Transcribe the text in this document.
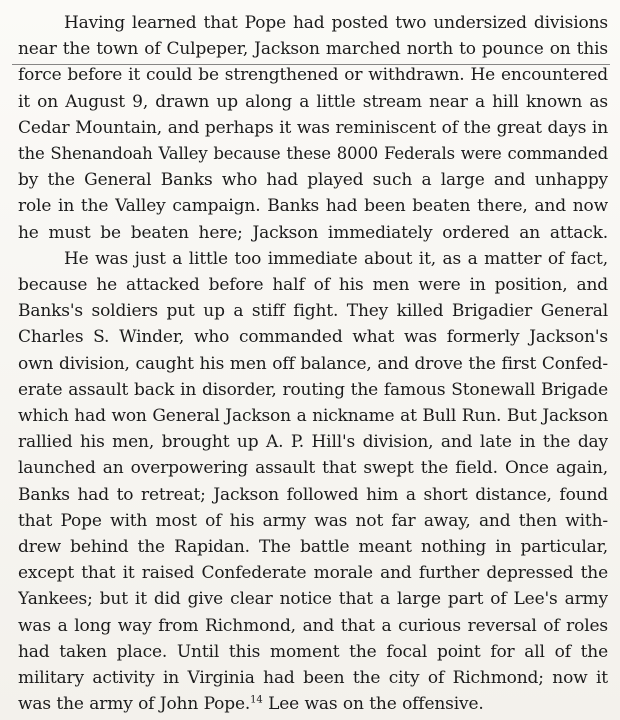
Having learned that Pope had posted two undersized divisions

near the town of Culpeper, Jackson marched north to pounce on this

force before it could be strengthened or withdrawn. He encountered

it on August 9, drawn up along a little stream near a hill known as

Cedar Mountain, and perhaps it was reminiscent of the great days in

the Shenandoah Valley because these 8000 Federals were commanded

by the General Banks who had played such a large and unhappy

role in the Valley campaign. Banks had been beaten there, and now

he must be beaten here; Jackson immediately ordered an attack.

He was just a little too immediate about it, as a matter of fact,

because he attacked before half of his men were in position, and

Banks's soldiers put up a stiff fight. They killed Brigadier General

Charles S. Winder, who commanded what was formerly Jackson's

own division, caught his men off balance, and drove the first Confed-

erate assault back in disorder, routing the famous Stonewall Brigade

which had won General Jackson a nickname at Bull Run. But Jackson

rallied his men, brought up A. P. Hill's division, and late in the day

launched an overpowering assault that swept the field. Once again,

Banks had to retreat; Jackson followed him a short distance, found

that Pope with most of his army was not far away, and then with-

drew behind the Rapidan. The battle meant nothing in particular,

except that it raised Confederate morale and further depressed the

Yankees; but it did give clear notice that a large part of Lee's army

was a long way from Richmond, and that a curious reversal of roles

had taken place. Until this moment the focal point for all of the

military activity in Virginia had been the city of Richmond; now it

was the army of John Pope.$^{14}$ Lee was on the offensive.
